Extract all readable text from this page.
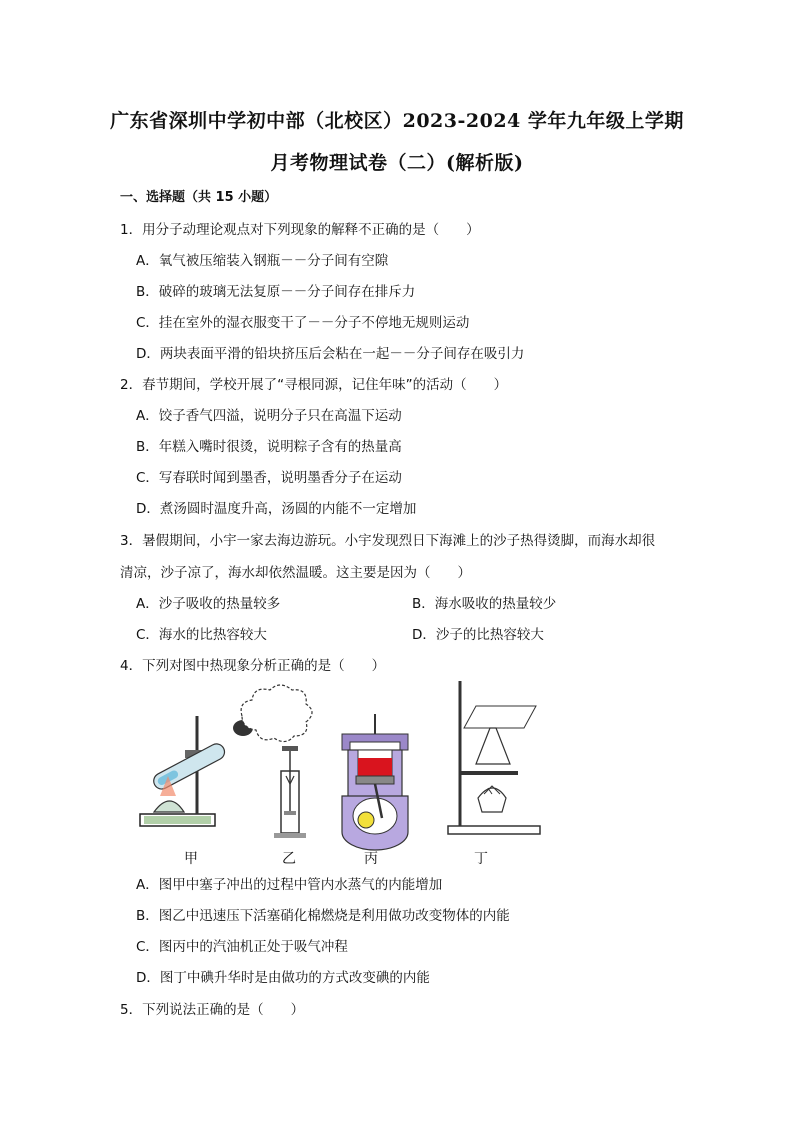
广东省深圳中学初中部（北校区）2023-2024 学年九年级上学期
月考物理试卷（二）(解析版)
一、选择题（共 15 小题）
1．用分子动理论观点对下列现象的解释不正确的是（　　）
A．氧气被压缩装入钢瓶－－分子间有空隙
B．破碎的玻璃无法复原－－分子间存在排斥力
C．挂在室外的湿衣服变干了－－分子不停地无规则运动
D．两块表面平滑的铅块挤压后会粘在一起－－分子间存在吸引力
2．春节期间，学校开展了“寻根同源，记住年味”的活动（　　）
A．饺子香气四溢，说明分子只在高温下运动
B．年糕入嘴时很烫，说明粽子含有的热量高
C．写春联时闻到墨香，说明墨香分子在运动
D．煮汤圆时温度升高，汤圆的内能不一定增加
3．暑假期间，小宇一家去海边游玩。小宇发现烈日下海滩上的沙子热得烫脚，而海水却很
清凉，沙子凉了，海水却依然温暖。这主要是因为（　　）
A．沙子吸收的热量较多	B．海水吸收的热量较少
C．海水的比热容较大	D．沙子的比热容较大
4．下列对图中热现象分析正确的是（　　）
甲	乙	丙	丁
A．图甲中塞子冲出的过程中管内水蒸气的内能增加
B．图乙中迅速压下活塞硝化棉燃烧是利用做功改变物体的内能
C．图丙中的汽油机正处于吸气冲程
D．图丁中碘升华时是由做功的方式改变碘的内能
5．下列说法正确的是（　　）
